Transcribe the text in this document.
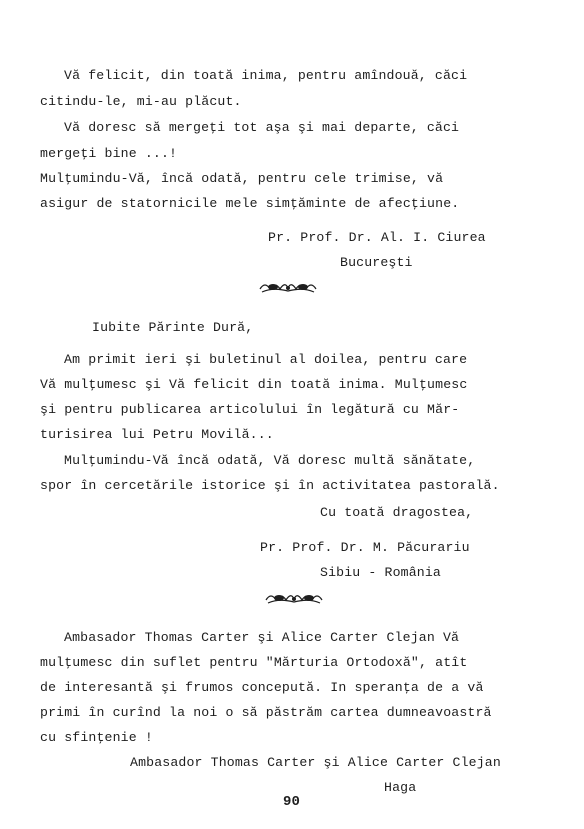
Vă felicit, din toată inima, pentru amîndouă, căci
citindu-le, mi-au plăcut.
Vă doresc să mergeţi tot aşa şi mai departe, căci
mergeţi bine ...!
Mulţumindu-Vă, încă odată, pentru cele trimise, vă
asigur de statornicile mele simţăminte de afecţiune.
Pr. Prof. Dr. Al. I. Ciurea
Bucureşti
Iubite Părinte Dură,
Am primit ieri şi buletinul al doilea, pentru care
Vă mulţumesc şi Vă felicit din toată inima. Mulţumesc
şi pentru publicarea articolului în legătură cu Măr-
turisirea lui Petru Movilă...
Mulţumindu-Vă încă odată, Vă doresc multă sănătate,
spor în cercetările istorice şi în activitatea pastorală.
Cu toată dragostea,
Pr. Prof. Dr. M. Păcurariu
Sibiu - România
Ambasador Thomas Carter şi Alice Carter Clejan Vă
mulţumesc din suflet pentru "Mărturia Ortodoxă", atît
de interesantă şi frumos concepută. In speranţa de a vă
primi în curînd la noi o să păstrăm cartea dumneavoastră
cu sfinţenie !
Ambasador Thomas Carter şi Alice Carter Clejan
Haga
90
